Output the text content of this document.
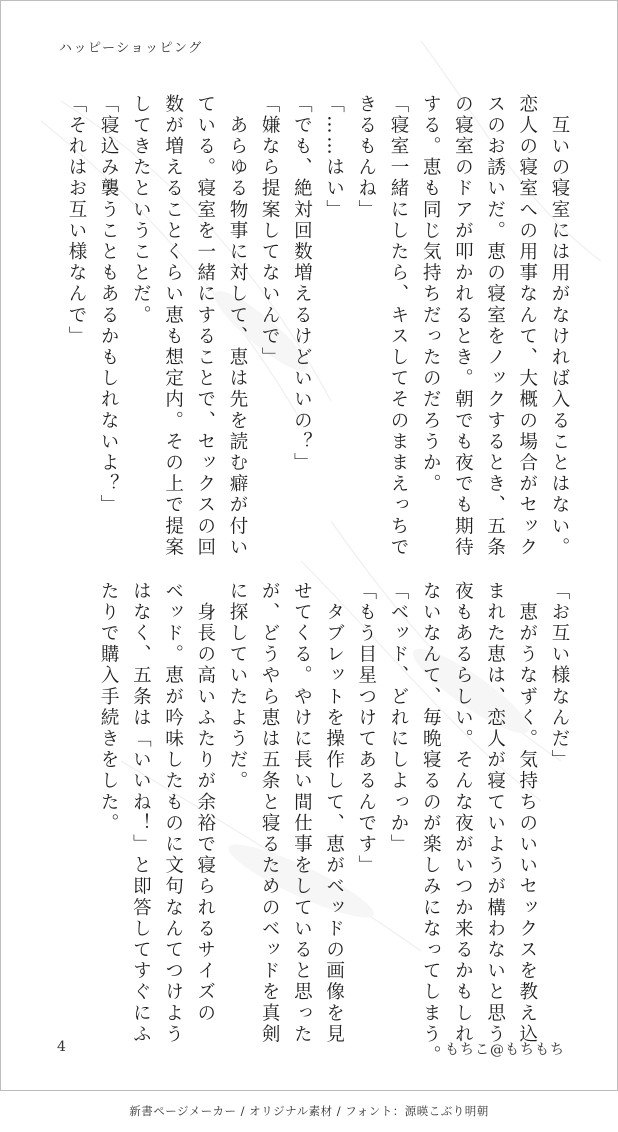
ハッピーショッピング
　互いの寝室には用がなければ入ることはない。
恋人の寝室への用事なんて、大概の場合がセック
スのお誘いだ。恵の寝室をノックするとき、五条
の寝室のドアが叩かれるとき。朝でも夜でも期待
する。恵も同じ気持ちだったのだろうか。
「寝室一緒にしたら、キスしてそのままえっちで
きるもんね」
「……はい」
「でも、絶対回数増えるけどいいの？」
「嫌なら提案してないんで」
　あらゆる物事に対して、恵は先を読む癖が付い
ている。寝室を一緒にすることで、セックスの回
数が増えることくらい恵も想定内。その上で提案
してきたということだ。
「寝込み襲うこともあるかもしれないよ？」
「それはお互い様なんで」
「お互い様なんだ」
　恵がうなずく。気持ちのいいセックスを教え込
まれた恵は、恋人が寝ていようが構わないと思う
夜もあるらしい。そんな夜がいつか来るかもしれ
ないなんて、毎晩寝るのが楽しみになってしまう。
「ベッド、どれにしよっか」
「もう目星つけてあるんです」
　タブレットを操作して、恵がベッドの画像を見
せてくる。やけに長い間仕事をしていると思った
が、どうやら恵は五条と寝るためのベッドを真剣
に探していたようだ。
　身長の高いふたりが余裕で寝られるサイズの
ベッド。恵が吟味したものに文句なんてつけよう
はなく、五条は「いいね！」と即答してすぐにふ
たりで購入手続きをした。
4	もちこ@もちもち
新書ページメーカー / オリジナル素材 / フォント：源暎こぶり明朝
